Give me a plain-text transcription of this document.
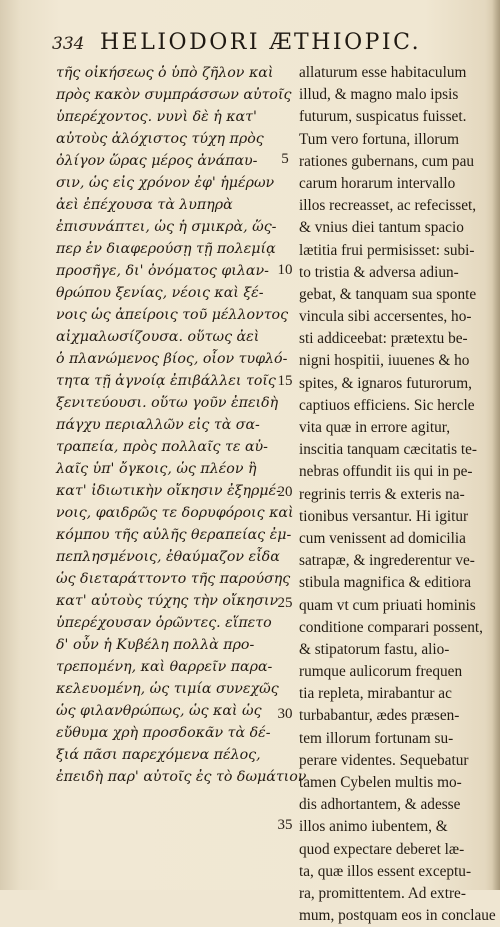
334 HELIODORI ÆTHIOPIC.
τῆς οἰκήσεως ὁ ὑπὸ ζῆλον καὶ
πρὸς κακὸν συμπράσσων αὐτοῖς
ὑπερέχοντος. νυνὶ δὲ ἡ κατ'
αὐτοὺς ἀλόχιστος τύχη πρὸς
ὀλίγον ὥρας μέρος ἀνάπαυ-
σιν, ὡς εἰς χρόνον ἐφ' ἡμέρων
ἀεὶ ἐπέχουσα τὰ λυπηρὰ
ἐπισυνάπτει, ὡς ἡ σμικρὰ, ὥς-
περ ἐν διαφερούσῃ τῇ πολεμίᾳ
προσῆγε, δι' ὀνόματος φιλαν-
θρώπου ξενίας, νέοις καὶ ξέ-
νοις ὡς ἀπείροις τοῦ μέλλοντος
αἰχμαλωσίζουσα. οὕτως ἀεὶ
ὁ πλανώμενος βίος, οἷον τυφλό-
τητα τῇ ἀγνοίᾳ ἐπιβάλλει τοῖς
ξενιτεύουσι. οὕτω γοῦν ἐπειδὴ
πάγχυ περιαλλῶν εἰς τὰ σα-
τραπεία, πρὸς πολλαῖς τε αὐ-
λαῖς ὑπ' ὄγκοις, ὡς πλέον ἢ
κατ' ἰδιωτικὴν οἴκησιν ἐξηρμέ-
νοις, φαιδρῶς τε δορυφόροις καὶ
κόμπου τῆς αὐλῆς θεραπείας ἐμ-
πεπλησμένοις, ἐθαύμαζον εἶδα
ὡς διεταράττοντο τῆς παρούσης
κατ' αὐτοὺς τύχης τὴν οἴκησιν
ὑπερέχουσαν ὁρῶντες. εἵπετο
δ' οὖν ἡ Κυβέλη πολλὰ προ-
τρεπομένη, καὶ θαρρεῖν παρα-
κελευομένη, ὡς τιμία συνεχῶς
ὡς φιλανθρώπως, ὡς καὶ ὡς
εὔθυμα χρὴ προσδοκᾶν τὰ δέ-
ξιά πᾶσι παρεχόμενα πέλος,
ἐπειδὴ παρ' αὐτοῖς ἐς τὸ δωμάτιον
5
10
15
20
25
30
35
allaturum esse habitaculum
illud, & magno malo ipsis
futurum, suspicatus fuisset.
Tum vero fortuna, illorum
rationes gubernans, cum pau
carum horarum intervallo
illos recreasset, ac refecisset,
& vnius diei tantum spacio
lætitia frui permisisset: subi-
to tristia & adversa adiun-
gebat, & tanquam sua sponte
vincula sibi accersentes, ho-
sti addiceebat: prætextu be-
nigni hospitii, iuuenes & ho
spites, & ignaros futurorum,
captiuos efficiens. Sic hercle
vita quæ in errore agitur,
inscitia tanquam cæcitatis te-
nebras offundit iis qui in pe-
regrinis terris & exteris na-
tionibus versantur. Hi igitur
cum venissent ad domicilia
satrapæ, & ingrederentur ve-
stibula magnifica & editiora
quam vt cum priuati hominis
conditione comparari possent,
& stipatorum fastu, alio-
rumque aulicorum frequen
tia repleta, mirabantur ac
turbabantur, ædes præsen-
tem illorum fortunam su-
perare videntes. Sequebatur
tamen Cybelen multis mo-
dis adhortantem, & adesse
illos animo iubentem, &
quod expectare deberet læ-
ta, quæ illos essent exceptu-
ra, promittentem. Ad extre-
mum, postquam eos in conclaue
